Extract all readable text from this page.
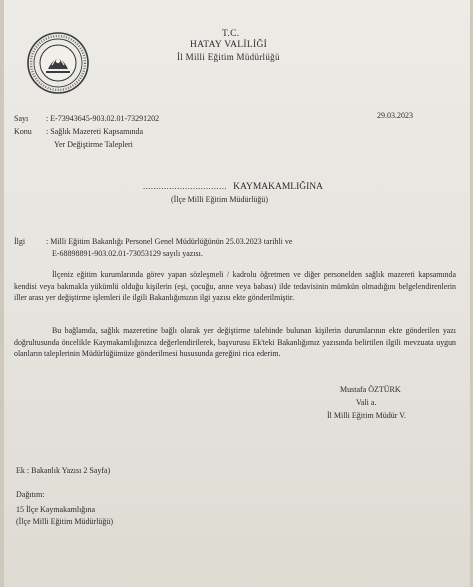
T.C.
HATAY VALİLİĞİ
İl Milli Eğitim Müdürlüğü
Sayı : E-73943645-903.02.01-73291202	29.03.2023
Konu : Sağlık Mazereti Kapsamında
Yer Değiştirme Talepleri
................................ KAYMAKAMLIĞINA
(İlçe Milli Eğitim Müdürlüğü)
İlgi	: Milli Eğitim Bakanlığı Personel Genel Müdürlüğünün 25.03.2023 tarihli ve
E-68898891-903.02.01-73053129 sayılı yazısı.
İlçeniz eğitim kurumlarında görev yapan sözleşmeli / kadrolu öğretmen ve diğer personelden sağlık mazereti kapsamında kendisi veya bakmakla yükümlü olduğu kişilerin (eşi, çocuğu, anne veya babası) ilde tedavisinin mümkün olmadığını belgelendirenlerin iller arası yer değiştirme işlemleri ile ilgili Bakanlığımızın ilgi yazısı ekte gönderilmiştir.
Bu bağlamda, sağlık mazeretine bağlı olarak yer değiştirme talebinde bulunan kişilerin durumlarının ekte gönderilen yazı doğrultusunda öncelikle Kaymakamlığınızca değerlendirilerek, başvurusu Ek'teki Bakanlığımız yazısında belirtilen ilgili mevzuata uygun olanların taleplerinin Müdürlüğümüze gönderilmesi hususunda gereğini rica ederim.
Mustafa ÖZTÜRK
Vali a.
İl Milli Eğitim Müdür V.
Ek : Bakanlık Yazısı 2 Sayfa)
Dağıtım:
15 İlçe Kaymakamlığına
(İlçe Milli Eğitim Müdürlüğü)
